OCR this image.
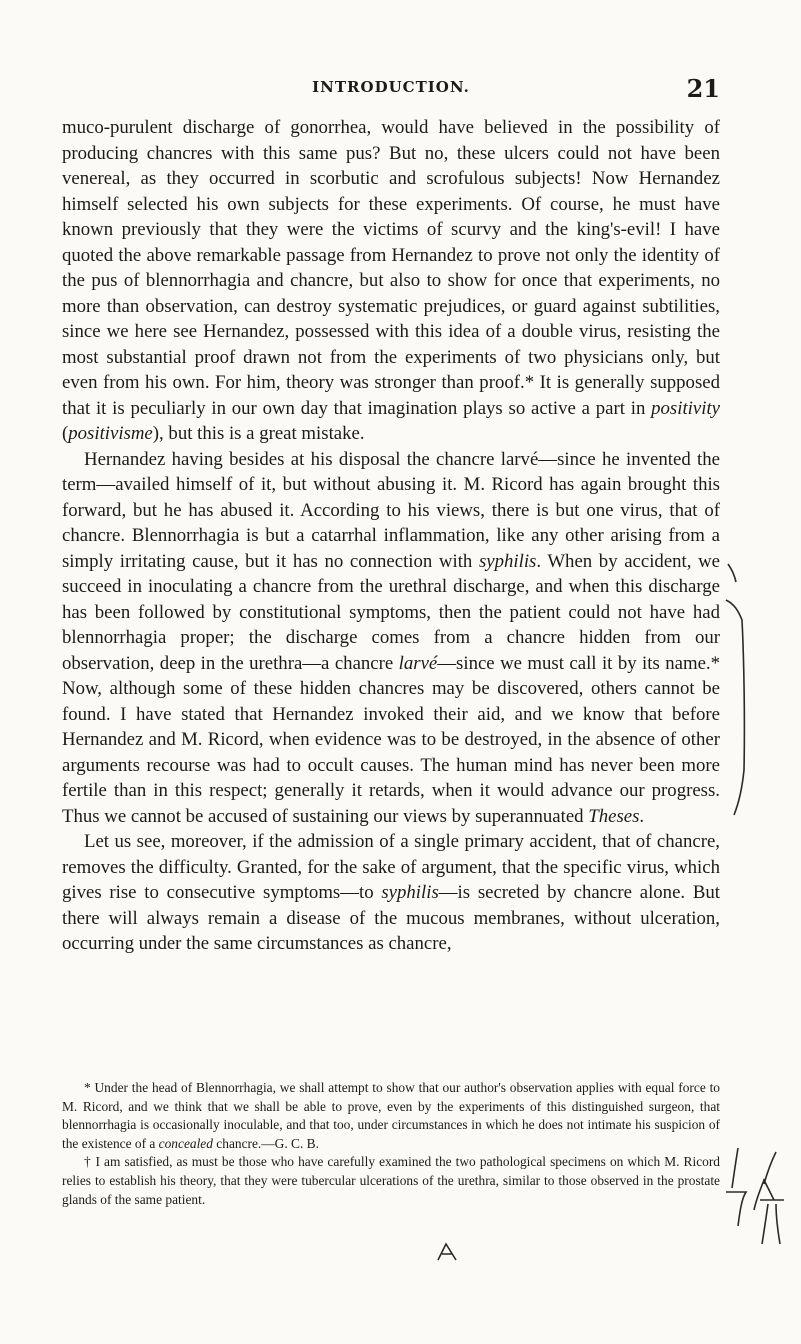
INTRODUCTION.	21

muco-purulent discharge of gonorrhea, would have believed in the possibility of producing chancres with this same pus? But no, these ulcers could not have been venereal, as they occurred in scorbutic and scrofulous subjects! Now Hernandez himself selected his own subjects for these experiments. Of course, he must have known previously that they were the victims of scurvy and the king's-evil! I have quoted the above remarkable passage from Hernandez to prove not only the identity of the pus of blennorrhagia and chancre, but also to show for once that experiments, no more than observation, can destroy systematic prejudices, or guard against subtilities, since we here see Hernandez, possessed with this idea of a double virus, resisting the most substantial proof drawn not from the experiments of two physicians only, but even from his own. For him, theory was stronger than proof.* It is generally supposed that it is peculiarly in our own day that imagination plays so active a part in positivity (positivisme), but this is a great mistake.

Hernandez having besides at his disposal the chancre larvé—since he invented the term—availed himself of it, but without abusing it. M. Ricord has again brought this forward, but he has abused it. According to his views, there is but one virus, that of chancre. Blennorrhagia is but a catarrhal inflammation, like any other arising from a simply irritating cause, but it has no connection with syphilis. When by accident, we succeed in inoculating a chancre from the urethral discharge, and when this discharge has been followed by constitutional symptoms, then the patient could not have had blennorrhagia proper; the discharge comes from a chancre hidden from our observation, deep in the urethra—a chancre larvé—since we must call it by its name.* Now, although some of these hidden chancres may be discovered, others cannot be found. I have stated that Hernandez invoked their aid, and we know that before Hernandez and M. Ricord, when evidence was to be destroyed, in the absence of other arguments recourse was had to occult causes. The human mind has never been more fertile than in this respect; generally it retards, when it would advance our progress. Thus we cannot be accused of sustaining our views by superannuated Theses.

Let us see, moreover, if the admission of a single primary accident, that of chancre, removes the difficulty. Granted, for the sake of argument, that the specific virus, which gives rise to consecutive symptoms—to syphilis—is secreted by chancre alone. But there will always remain a disease of the mucous membranes, without ulceration, occurring under the same circumstances as chancre,

* Under the head of Blennorrhagia, we shall attempt to show that our author's observation applies with equal force to M. Ricord, and we think that we shall be able to prove, even by the experiments of this distinguished surgeon, that blennorrhagia is occasionally inoculable, and that too, under circumstances in which he does not intimate his suspicion of the existence of a concealed chancre.—G. C. B.

† I am satisfied, as must be those who have carefully examined the two pathological specimens on which M. Ricord relies to establish his theory, that they were tubercular ulcerations of the urethra, similar to those observed in the prostate glands of the same patient.
